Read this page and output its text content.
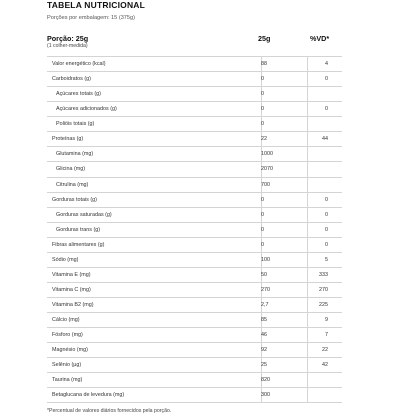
TABELA NUTRICIONAL
Porções por embalagem: 15 (375g)
Porção: 25g
(1 colher-medida)
25g	%VD*
Valor energético (kcal)	88	4
Carboidratos (g)	0	0
Açúcares totais (g)	0
Açúcares adicionados (g)	0	0
Poliöis totais (g)	0
Proteínas (g)	22	44
Glutamina (mg)	1000
Glicina (mg)	2070
Citrulina (mg)	700
Gorduras totais (g)	0	0
Gorduras saturadas (g)	0	0
Gorduras trans (g)	0	0
Fibras alimentares (g)	0	0
Sódio (mg)	100	5
Vitamina E (mg)	50	333
Vitamina C (mg)	270	270
Vitamina B2 (mg)	2,7	225
Cálcio (mg)	85	9
Fósforo (mg)	46	7
Magnésio (mg)	92	22
Selênio (µg)	25	42
Taurina (mg)	820
Betaglucana de levedura (mg)	300
*Percentual de valores diários fornecidos pela porção.
